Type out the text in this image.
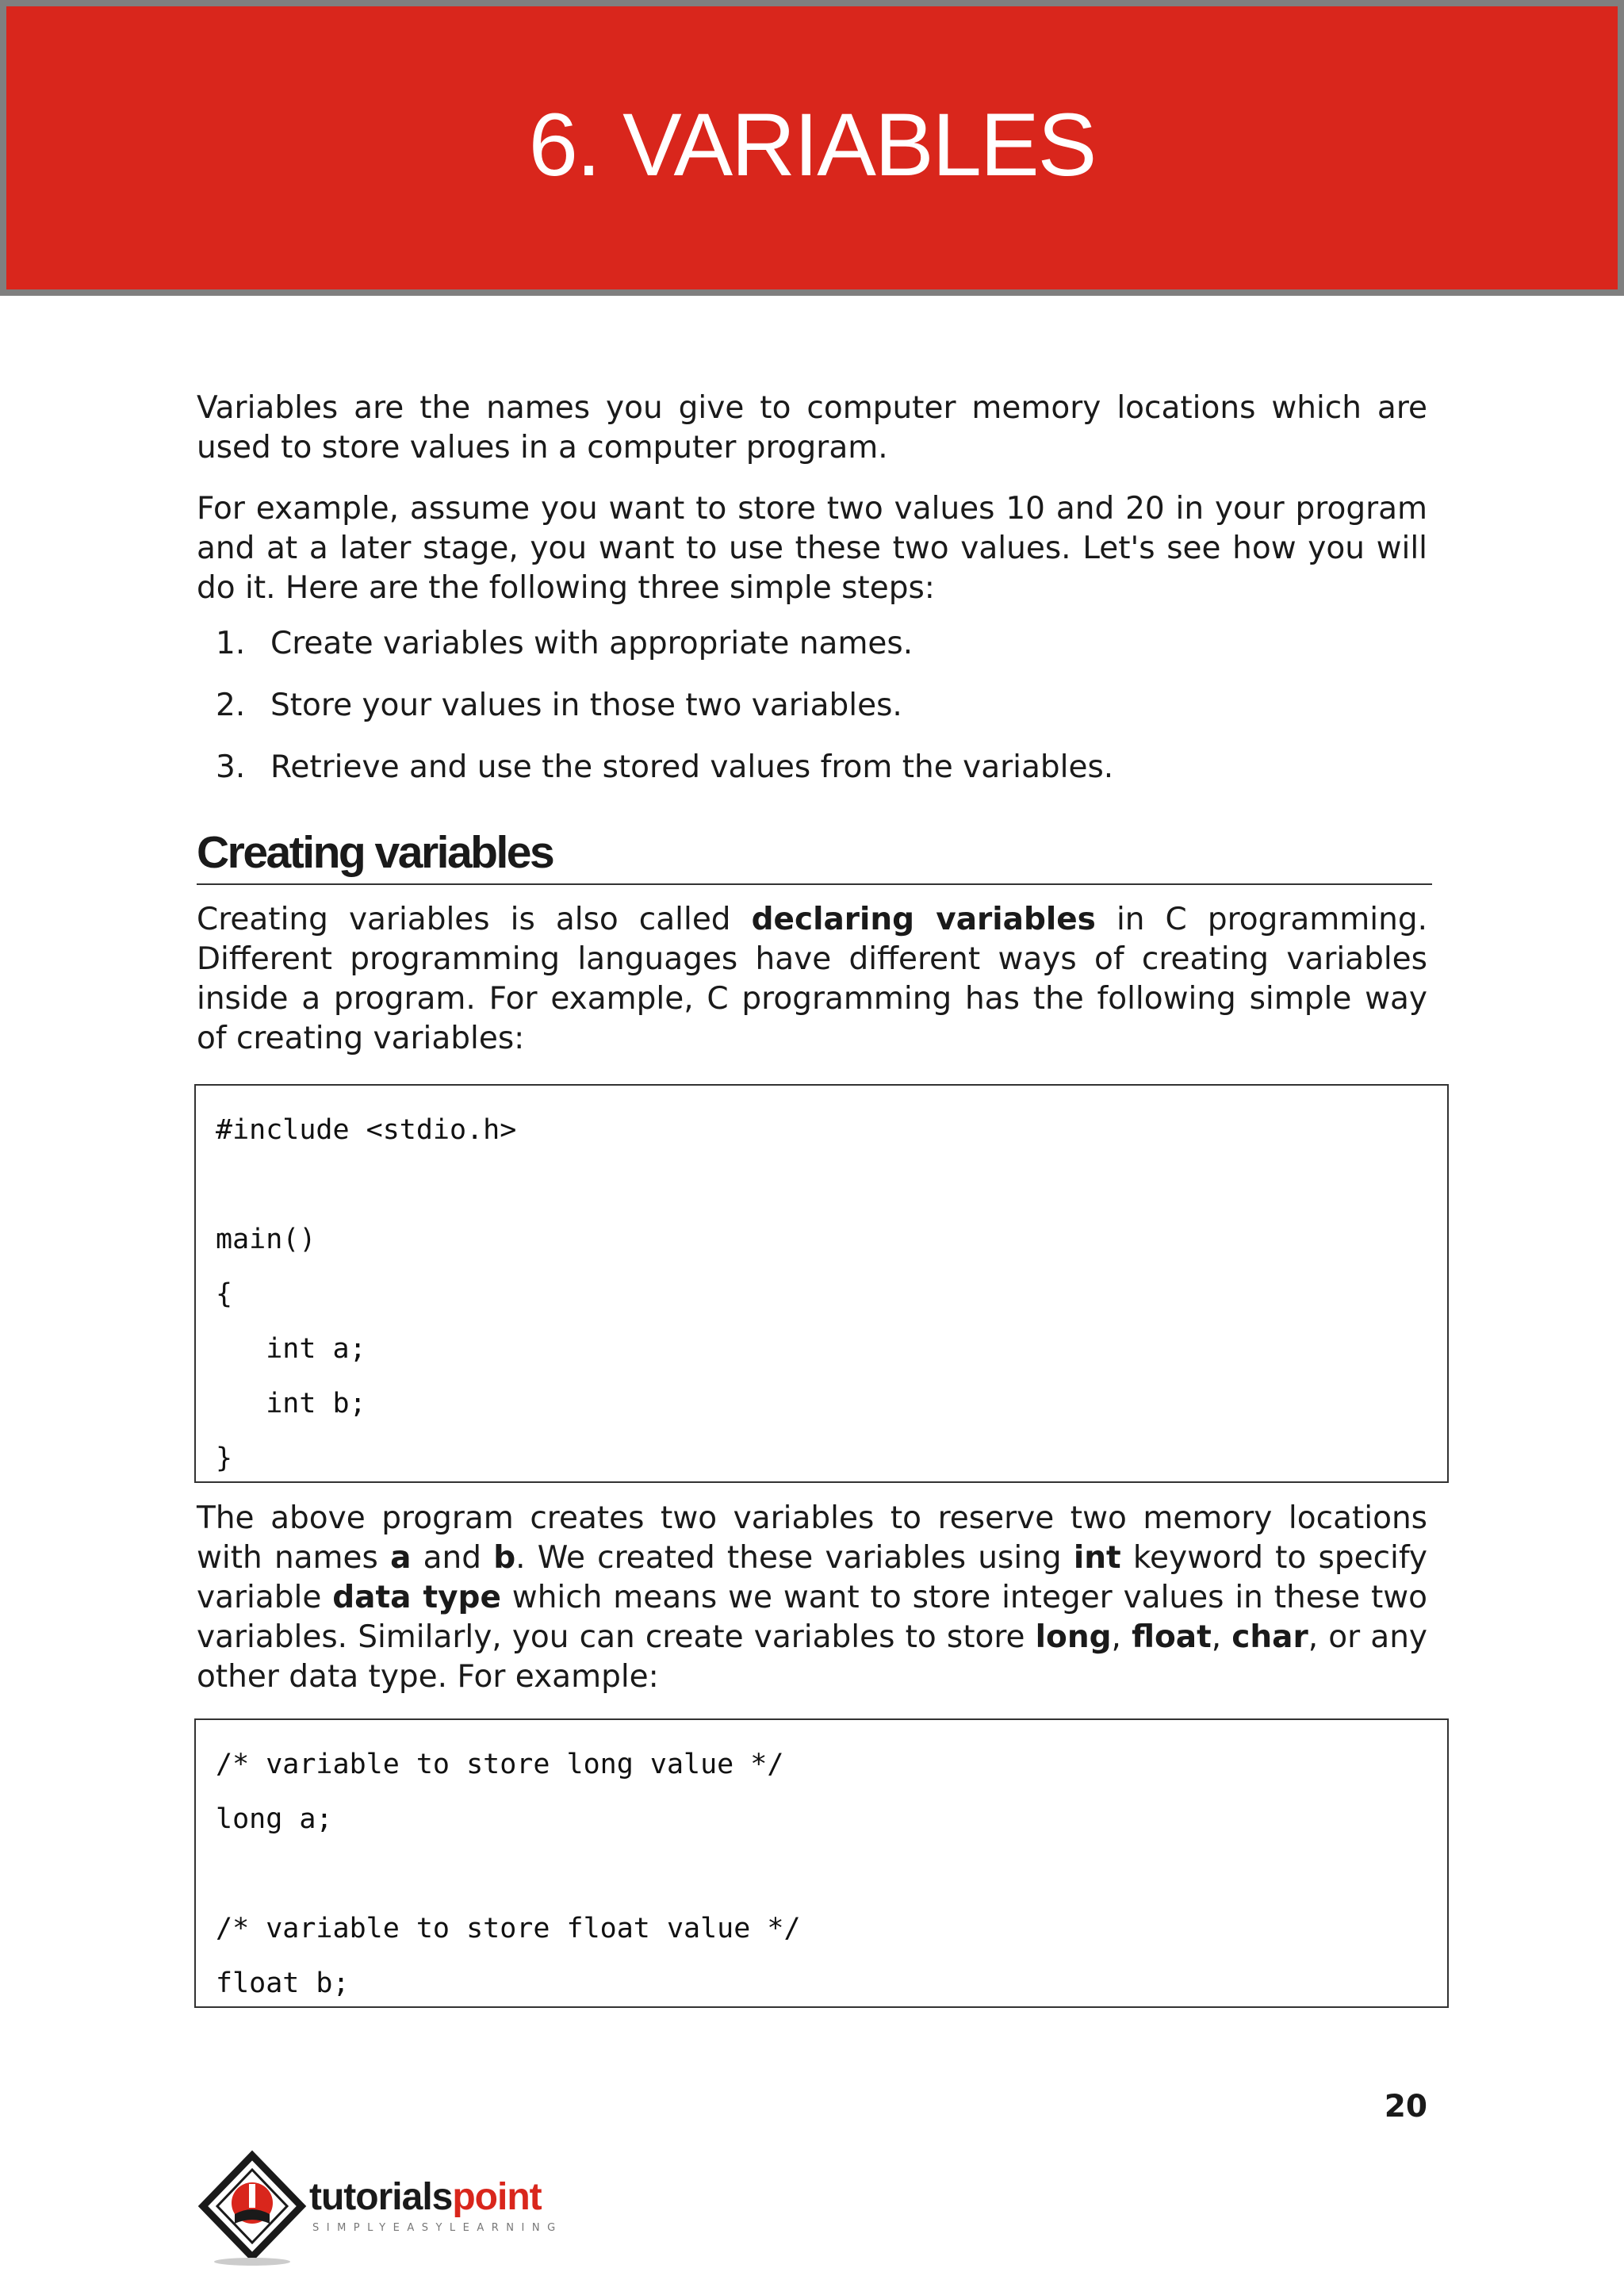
6. VARIABLES

Variables are the names you give to computer memory locations which are used to store values in a computer program.

For example, assume you want to store two values 10 and 20 in your program and at a later stage, you want to use these two values. Let's see how you will do it. Here are the following three simple steps:

1. Create variables with appropriate names.
2. Store your values in those two variables.
3. Retrieve and use the stored values from the variables.
Creating variables

Creating variables is also called declaring variables in C programming. Different programming languages have different ways of creating variables inside a program. For example, C programming has the following simple way of creating variables:

The above program creates two variables to reserve two memory locations with names a and b. We created these variables using int keyword to specify variable data type which means we want to store integer values in these two variables. Similarly, you can create variables to store long, float, char, or any other data type. For example:

#include <stdio.h>
main()
{
int a;
int b;
}
/* variable to store long value */
long a;
/* variable to store float value */
float b;
20
tutorialspoint
SIMPLYEASYLEARNING
